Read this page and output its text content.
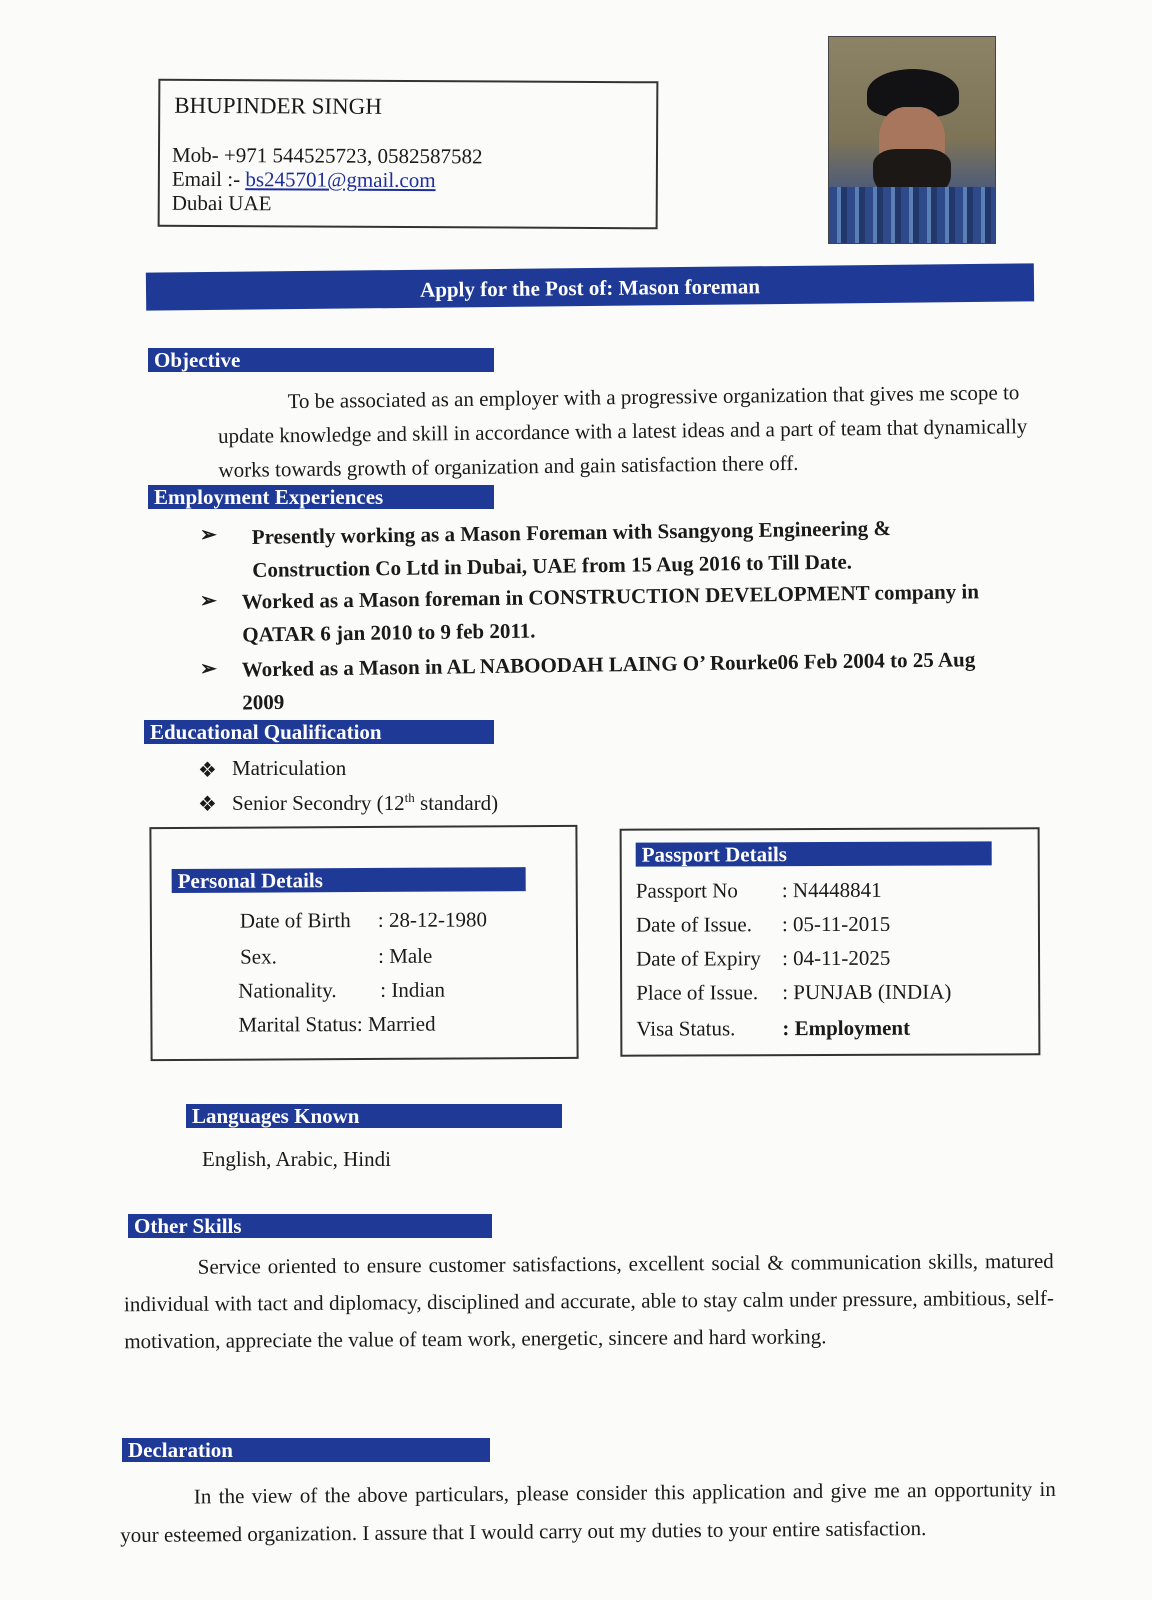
BHUPINDER SINGH
Mob- +971 544525723, 0582587582
Email :- bs245701@gmail.com
Dubai UAE
Apply for the Post of: Mason foreman
Objective
To be associated as an employer with a progressive organization that gives me scope to update knowledge and skill in accordance with a latest ideas and a part of team that dynamically works towards growth of organization and gain satisfaction there off.
Employment Experiences
➢ Presently working as a Mason Foreman with Ssangyong Engineering & Construction Co Ltd in Dubai, UAE from 15 Aug 2016 to Till Date.
➢ Worked as a Mason foreman in CONSTRUCTION DEVELOPMENT company in QATAR 6 jan 2010 to 9 feb 2011.
➢ Worked as a Mason in AL NABOODAH LAING O’ Rourke06 Feb 2004 to 25 Aug 2009
Educational Qualification
❖ Matriculation
❖ Senior Secondry (12th standard)
Personal Details
Date of Birth : 28-12-1980
Sex.	: Male
Nationality. : Indian
Marital Status: Married
Passport Details
Passport No : N4448841
Date of Issue. : 05-11-2015
Date of Expiry : 04-11-2025
Place of Issue. : PUNJAB (INDIA)
Visa Status. : Employment
Languages Known
English, Arabic, Hindi
Other Skills
Service oriented to ensure customer satisfactions, excellent social & communication skills, matured individual with tact and diplomacy, disciplined and accurate, able to stay calm under pressure, ambitious, self-motivation, appreciate the value of team work, energetic, sincere and hard working.
Declaration
In the view of the above particulars, please consider this application and give me an opportunity in your esteemed organization. I assure that I would carry out my duties to your entire satisfaction.
